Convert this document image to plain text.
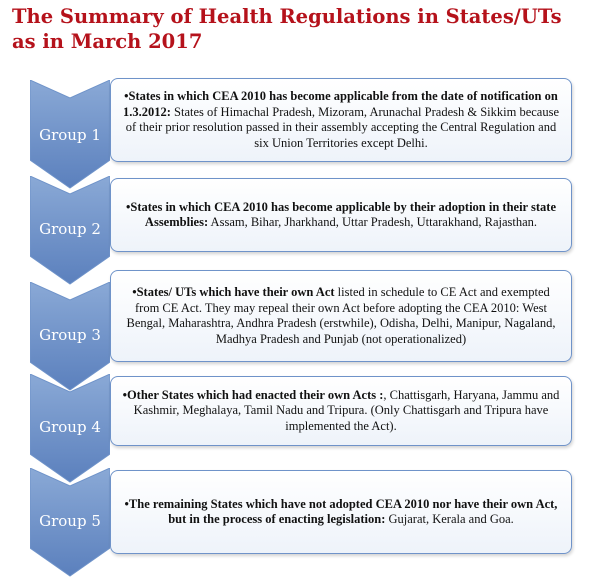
The Summary of Health Regulations in States/UTs as in March 2017
Group 1
•States in which CEA 2010 has become applicable from the date of notification on 1.3.2012: States of Himachal Pradesh, Mizoram, Arunachal Pradesh & Sikkim because of their prior resolution passed in their assembly accepting the Central Regulation and six Union Territories except Delhi.
Group 2
•States in which CEA 2010 has become applicable by their adoption in their state Assemblies: Assam, Bihar, Jharkhand, Uttar Pradesh, Uttarakhand, Rajasthan.
Group 3
•States/ UTs which have their own Act listed in schedule to CE Act and exempted from CE Act. They may repeal their own Act before adopting the CEA 2010: West Bengal, Maharashtra, Andhra Pradesh (erstwhile), Odisha, Delhi, Manipur, Nagaland, Madhya Pradesh and Punjab (not operationalized)
Group 4
•Other States which had enacted their own Acts :, Chattisgarh, Haryana, Jammu and Kashmir, Meghalaya, Tamil Nadu and Tripura. (Only Chattisgarh and Tripura have implemented the Act).
Group 5
•The remaining States which have not adopted CEA 2010 nor have their own Act, but in the process of enacting legislation: Gujarat, Kerala and Goa.
